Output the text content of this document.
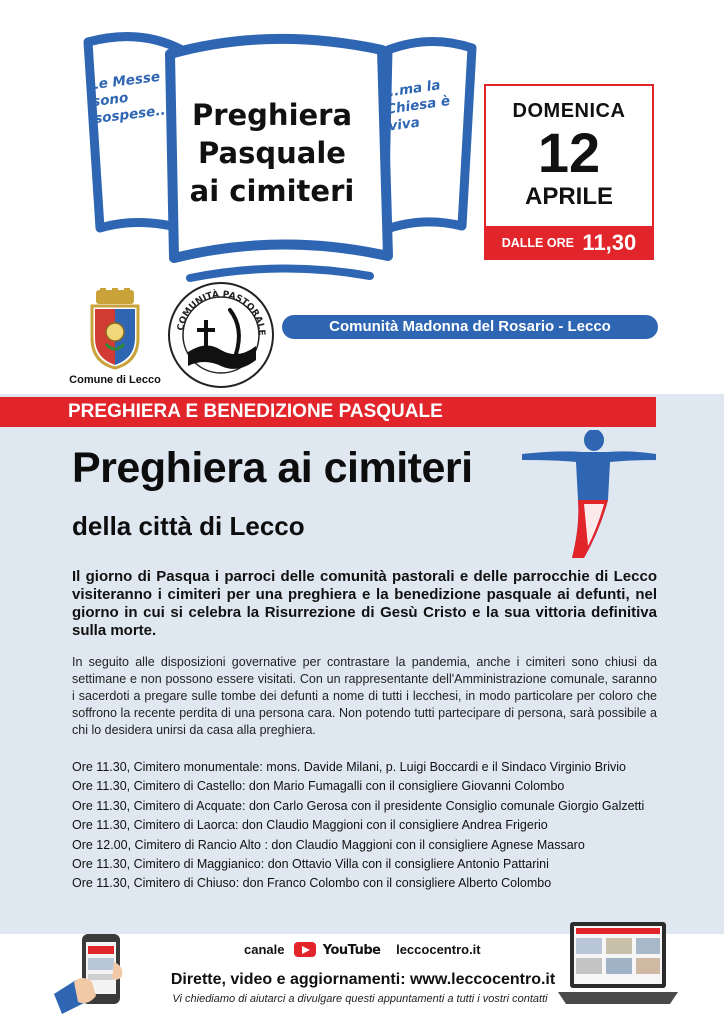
Le Messe sono sospese...
...ma la Chiesa è viva
Preghiera
Pasquale
ai cimiteri
DOMENICA
12
APRILE
DALLE ORE 11,30
Comune di Lecco
COMUNITÀ PASTORALE	Comunità Madonna del Rosario - Lecco
PREGHIERA E BENEDIZIONE PASQUALE
Preghiera ai cimiteri
della città di Lecco
Il giorno di Pasqua i parroci delle comunità pastorali e delle parrocchie di Lecco visiteranno i cimiteri per una preghiera e la benedizione pasquale ai defunti, nel giorno in cui si celebra la Risurrezione di Gesù Cristo e la sua vittoria definitiva sulla morte.
In seguito alle disposizioni governative per contrastare la pandemia, anche i cimiteri sono chiusi da settimane e non possono essere visitati. Con un rappresentante dell'Amministrazione comunale, saranno i sacerdoti a pregare sulle tombe dei defunti a nome di tutti i lecchesi, in modo particolare per coloro che soffrono la recente perdita di una persona cara. Non potendo tutti partecipare di persona, sarà possibile a chi lo desidera unirsi da casa alla preghiera.
Ore 11.30, Cimitero monumentale: mons. Davide Milani, p. Luigi Boccardi e il Sindaco Virginio Brivio
Ore 11.30, Cimitero di Castello: don Mario Fumagalli con il consigliere Giovanni Colombo
Ore 11.30, Cimitero di Acquate: don Carlo Gerosa con il presidente Consiglio comunale Giorgio Galzetti
Ore 11.30, Cimitero di Laorca: don Claudio Maggioni con il consigliere Andrea Frigerio
Ore 12.00, Cimitero di Rancio Alto : don Claudio Maggioni con il consigliere Agnese Massaro
Ore 11.30, Cimitero di Maggianico: don Ottavio Villa con il consigliere Antonio Pattarini
Ore 11.30, Cimitero di Chiuso: don Franco Colombo con il consigliere Alberto Colombo
canale	YouTube leccocentro.it
Dirette, video e aggiornamenti: www.leccocentro.it
Vi chiediamo di aiutarci a divulgare questi appuntamenti a tutti i vostri contatti
